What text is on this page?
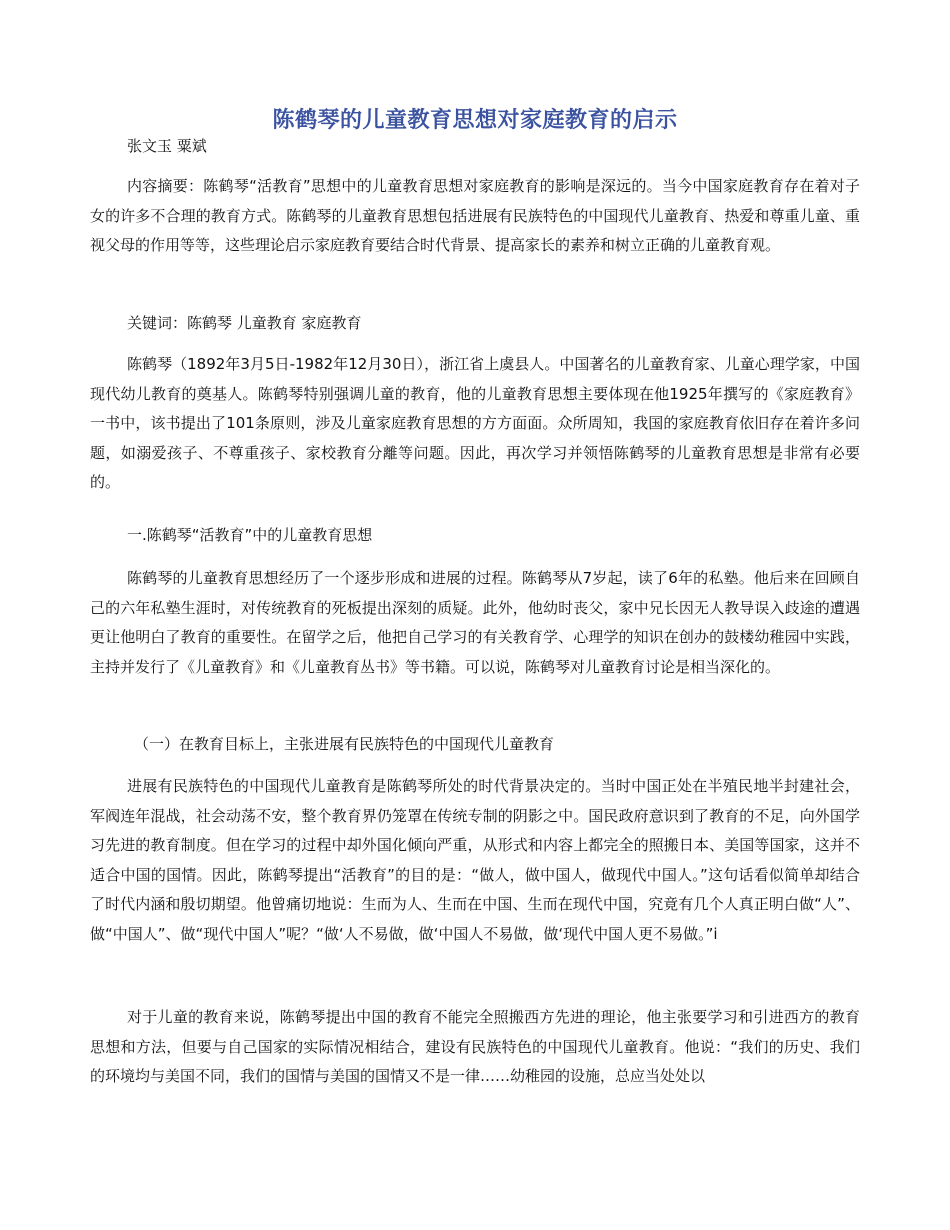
陈鹤琴的儿童教育思想对家庭教育的启示
张文玉 粟斌

内容摘要：陈鹤琴“活教育”思想中的儿童教育思想对家庭教育的影响是深远的。当今中国家庭教育存在着对子女的许多不合理的教育方式。陈鹤琴的儿童教育思想包括进展有民族特色的中国现代儿童教育、热爱和尊重儿童、重视父母的作用等等，这些理论启示家庭教育要结合时代背景、提高家长的素养和树立正确的儿童教育观。

关键词：陈鹤琴 儿童教育 家庭教育

陈鹤琴（1892年3月5日-1982年12月30日），浙江省上虞县人。中国著名的儿童教育家、儿童心理学家，中国现代幼儿教育的奠基人。陈鹤琴特别强调儿童的教育，他的儿童教育思想主要体现在他1925年撰写的《家庭教育》一书中，该书提出了101条原则，涉及儿童家庭教育思想的方方面面。众所周知，我国的家庭教育依旧存在着许多问题，如溺爱孩子、不尊重孩子、家校教育分離等问题。因此，再次学习并领悟陈鹤琴的儿童教育思想是非常有必要的。

一.陈鹤琴“活教育”中的儿童教育思想

陈鹤琴的儿童教育思想经历了一个逐步形成和进展的过程。陈鹤琴从7岁起，读了6年的私塾。他后来在回顾自己的六年私塾生涯时，对传统教育的死板提出深刻的质疑。此外，他幼时丧父，家中兄长因无人教导误入歧途的遭遇更让他明白了教育的重要性。在留学之后，他把自己学习的有关教育学、心理学的知识在创办的鼓楼幼稚园中实践，主持并发行了《儿童教育》和《儿童教育丛书》等书籍。可以说，陈鹤琴对儿童教育讨论是相当深化的。

（一）在教育目标上，主张进展有民族特色的中国现代儿童教育

进展有民族特色的中国现代儿童教育是陈鹤琴所处的时代背景决定的。当时中国正处在半殖民地半封建社会，军阀连年混战，社会动荡不安，整个教育界仍笼罩在传统专制的阴影之中。国民政府意识到了教育的不足，向外国学习先进的教育制度。但在学习的过程中却外国化倾向严重，从形式和内容上都完全的照搬日本、美国等国家，这并不适合中国的国情。因此，陈鹤琴提出“活教育”的目的是：“做人，做中国人，做现代中国人。”这句话看似简单却结合了时代内涵和殷切期望。他曾痛切地说：生而为人、生而在中国、生而在现代中国，究竟有几个人真正明白做“人”、做“中国人”、做“现代中国人”呢？“做‘人不易做，做‘中国人不易做，做‘现代中国人更不易做。”i

对于儿童的教育来说，陈鹤琴提出中国的教育不能完全照搬西方先进的理论，他主张要学习和引进西方的教育思想和方法，但要与自己国家的实际情况相结合，建设有民族特色的中国现代儿童教育。他说：“我们的历史、我们的环境均与美国不同，我们的国情与美国的国情又不是一律……幼稚园的设施，总应当处处以
